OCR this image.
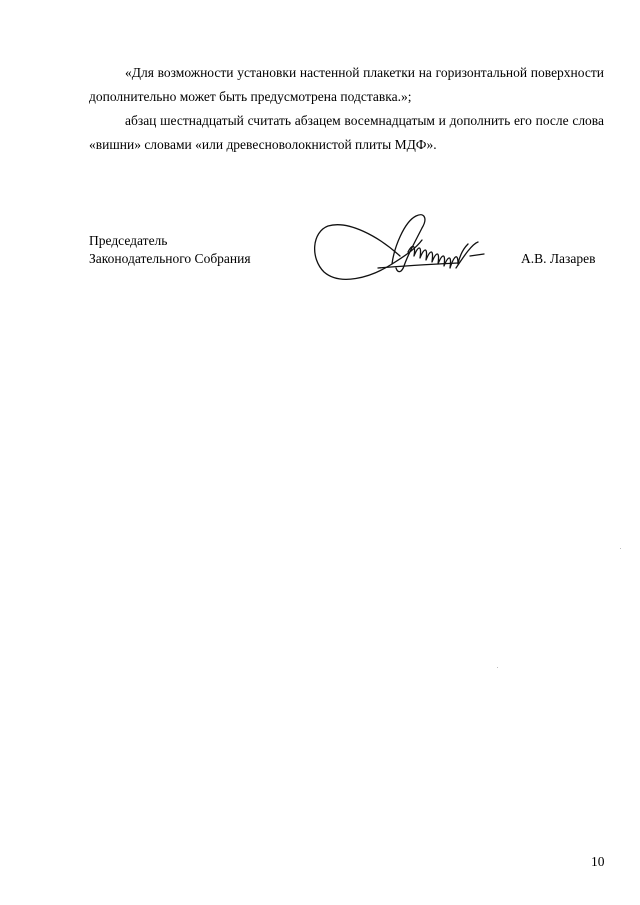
«Для возможности установки настенной плакетки на горизонтальной поверхности дополнительно может быть предусмотрена подставка.»;

абзац шестнадцатый считать абзацем восемнадцатым и дополнить его после слова «вишни» словами «или древесноволокнистой плиты МДФ».

Председатель
Законодательного Собрания	А.В. Лазарев
10
